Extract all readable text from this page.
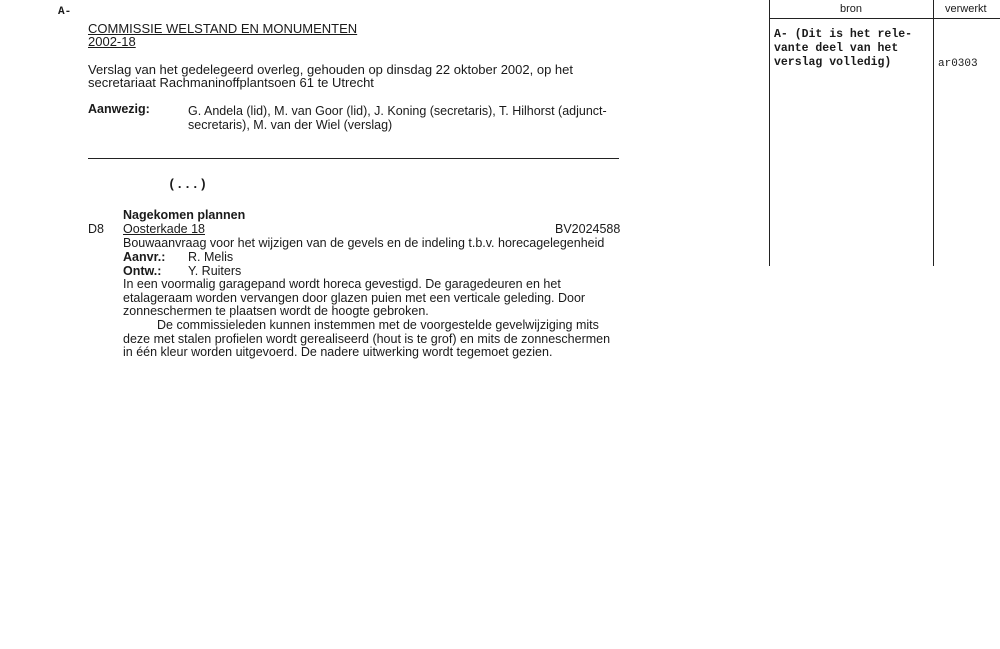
A-
COMMISSIE WELSTAND EN MONUMENTEN
2002-18
Verslag van het gedelegeerd overleg, gehouden op dinsdag 22 oktober 2002, op het
secretariaat Rachmaninoffplantsoen 61 te Utrecht
Aanwezig:	G. Andela (lid), M. van Goor (lid), J. Koning (secretaris), T. Hilhorst (adjunct-
secretaris), M. van der Wiel (verslag)
(...)
Nagekomen plannen
D8 Oosterkade 18	BV2024588
Bouwaanvraag voor het wijzigen van de gevels en de indeling t.b.v. horecagelegenheid
Aanvr.: R. Melis
Ontw.: Y. Ruiters
In een voormalig garagepand wordt horeca gevestigd. De garagedeuren en het
etalageraam worden vervangen door glazen puien met een verticale geleding. Door
zonneschermen te plaatsen wordt de hoogte gebroken.
De commissieleden kunnen instemmen met de voorgestelde gevelwijziging mits
deze met stalen profielen wordt gerealiseerd (hout is te grof) en mits de zonneschermen
in één kleur worden uitgevoerd. De nadere uitwerking wordt tegemoet gezien.
bron	verwerkt
A- (Dit is het rele-
vante deel van het
verslag volledig)	ar0303
